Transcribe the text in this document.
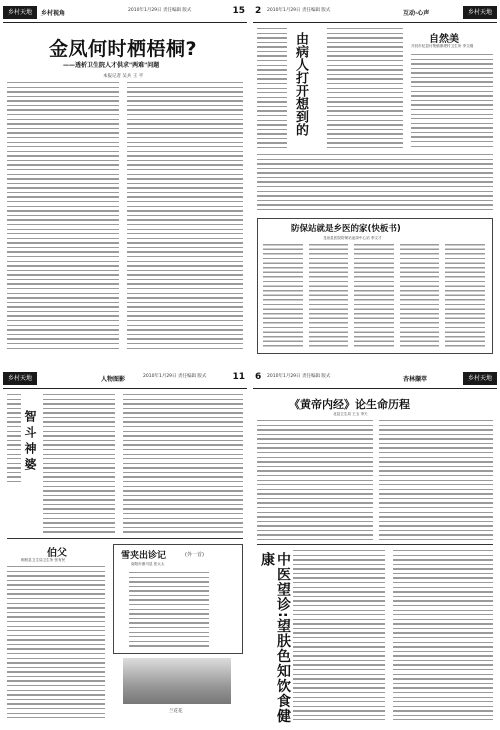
乡村天地	乡村视角	2010年1月29日 责任编辑 版式	15
金凤何时栖梧桐?
——透析卫生院人才供求"两难"问题
本报记者 吴兵 王 平
2 2010年1月29日 责任编辑 版式	互动·心声	乡村天地
由病人打开想到的	自然美
开封市杞县付集镇康堤村卫生所 李文刚
防保站就是乡医的家(快板书)
龙泉县医院防保站庞岗中心站 李文才
乡村天地	人物图影	2010年1月29日 责任编辑 版式	11
智斗神婆
伯父
桐柏县卫生局卫生所 张有民	雪夹出诊记	(外一首)
南阳市淅川县 张太太
兰花花
6 2010年1月29日 责任编辑 版式	杏林撷萃	乡村天地
《黄帝内经》论生命历程
北县卫生局 王玉 李天
中医望诊:望肤色知饮食健康
